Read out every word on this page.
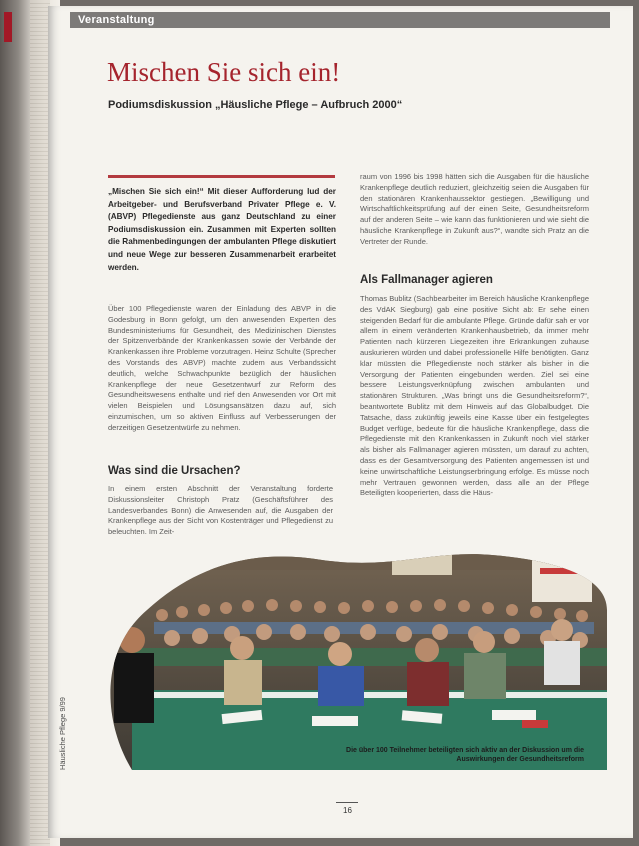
Veranstaltung
Mischen Sie sich ein!
Podiumsdiskussion „Häusliche Pflege – Aufbruch 2000“

„Mischen Sie sich ein!“ Mit dieser Aufforderung lud der Arbeitgeber- und Berufsverband Privater Pflege e. V. (ABVP) Pflegedienste aus ganz Deutschland zu einer Podiumsdiskussion ein. Zusammen mit Experten sollten die Rahmenbedingungen der ambulanten Pflege diskutiert und neue Wege zur besseren Zusammenarbeit erarbeitet werden.

Über 100 Pflegedienste waren der Einladung des ABVP in die Godesburg in Bonn gefolgt, um den anwesenden Experten des Bundesministeriums für Gesundheit, des Medizinischen Dienstes der Spitzenverbände der Krankenkassen sowie der Verbände der Krankenkassen ihre Probleme vorzutragen. Heinz Schulte (Sprecher des Vorstands des ABVP) machte zudem aus Verbandssicht deutlich, welche Schwachpunkte bezüglich der häuslichen Krankenpflege der neue Gesetzentwurf zur Reform des Gesundheitswesens enthalte und rief den Anwesenden vor Ort mit vielen Beispielen und Lösungsansätzen dazu auf, sich einzumischen, um so aktiven Einfluss auf Verbesserungen der derzeitigen Gesetzentwürfe zu nehmen.

Was sind die Ursachen?

In einem ersten Abschnitt der Veranstaltung forderte Diskussionsleiter Christoph Pratz (Geschäftsführer des Landesverbandes Bonn) die Anwesenden auf, die Ausgaben der Krankenpflege aus der Sicht von Kostenträger und Pflegedienst zu beleuchten. Im Zeit-

raum von 1996 bis 1998 hätten sich die Ausgaben für die häusliche Krankenpflege deutlich reduziert, gleichzeitig seien die Ausgaben für den stationären Krankenhaussektor gestiegen. „Bewilligung und Wirtschaftlichkeitsprüfung auf der einen Seite, Gesundheitsreform auf der anderen Seite – wie kann das funktionieren und wie sieht die häusliche Krankenpflege in Zukunft aus?“, wandte sich Pratz an die Vertreter der Runde.

Als Fallmanager agieren

Thomas Bublitz (Sachbearbeiter im Bereich häusliche Krankenpflege des VdAK Siegburg) gab eine positive Sicht ab: Er sehe einen steigenden Bedarf für die ambulante Pflege. Gründe dafür sah er vor allem in einem veränderten Krankenhausbetrieb, da immer mehr Patienten nach kürzeren Liegezeiten ihre Erkrankungen zuhause auskurieren würden und dabei professionelle Hilfe benötigten. Ganz klar müssten die Pflegedienste noch stärker als bisher in die Versorgung der Patienten eingebunden werden. Ziel sei eine bessere Leistungsverknüpfung zwischen ambulanten und stationären Strukturen. „Was bringt uns die Gesundheitsreform?“, beantwortete Bublitz mit dem Hinweis auf das Globalbudget. Die Tatsache, dass zukünftig jeweils eine Kasse über ein festgelegtes Budget verfüge, bedeute für die häusliche Krankenpflege, dass die Pflegedienste mit den Krankenkassen in Zukunft noch viel stärker als bisher als Fallmanager agieren müssten, um darauf zu achten, dass es der Gesamtversorgung des Patienten angemessen ist und keine unwirtschaftliche Leistungserbringung erfolge. Es müsse noch mehr Vertrauen gewonnen werden, dass alle an der Pflege Beteiligten kooperierten, dass die Häus-

Die über 100 Teilnehmer beteiligten sich aktiv an der Diskussion um die Auswirkungen der Gesundheitsreform

Häusliche Pflege 9/99
16
